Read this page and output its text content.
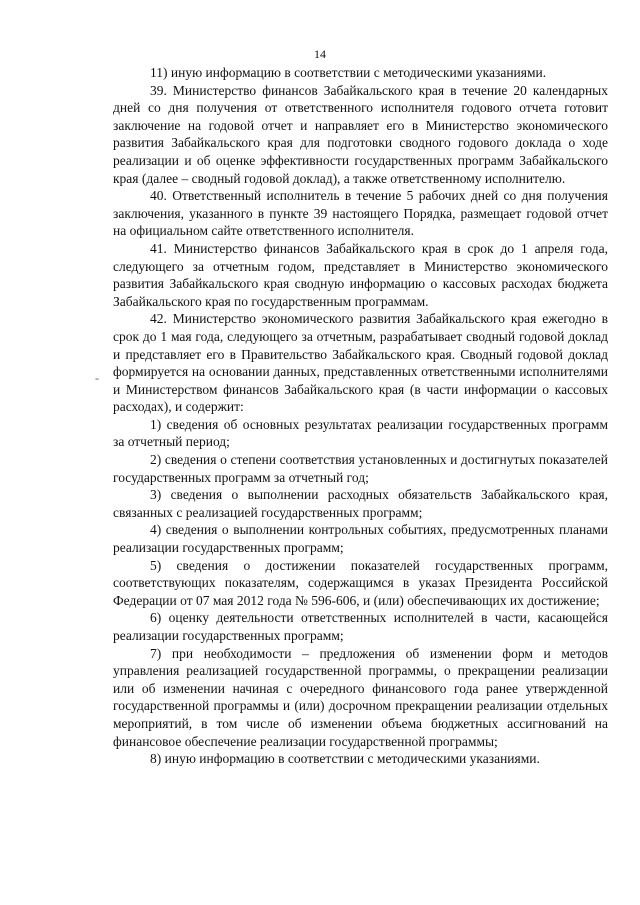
14
-

11) иную информацию в соответствии с методическими указаниями.

39. Министерство финансов Забайкальского края в течение 20 календарных дней со дня получения от ответственного исполнителя годового отчета готовит заключение на годовой отчет и направляет его в Министерство экономического развития Забайкальского края для подготовки сводного годового доклада о ходе реализации и об оценке эффективности государственных программ Забайкальского края (далее – сводный годовой доклад), а также ответственному исполнителю.

40. Ответственный исполнитель в течение 5 рабочих дней со дня получения заключения, указанного в пункте 39 настоящего Порядка, размещает годовой отчет на официальном сайте ответственного исполнителя.

41. Министерство финансов Забайкальского края в срок до 1 апреля года, следующего за отчетным годом, представляет в Министерство экономического развития Забайкальского края сводную информацию о кассовых расходах бюджета Забайкальского края по государственным программам.

42. Министерство экономического развития Забайкальского края ежегодно в срок до 1 мая года, следующего за отчетным, разрабатывает сводный годовой доклад и представляет его в Правительство Забайкальского края. Сводный годовой доклад формируется на основании данных, представленных ответственными исполнителями и Министерством финансов Забайкальского края (в части информации о кассовых расходах), и содержит:

1) сведения об основных результатах реализации государственных программ за отчетный период;

2) сведения о степени соответствия установленных и достигнутых показателей государственных программ за отчетный год;

3) сведения о выполнении расходных обязательств Забайкальского края, связанных с реализацией государственных программ;

4) сведения о выполнении контрольных событиях, предусмотренных планами реализации государственных программ;

5) сведения о достижении показателей государственных программ, соответствующих показателям, содержащимся в указах Президента Российской Федерации от 07 мая 2012 года № 596-606, и (или) обеспечивающих их достижение;

6) оценку деятельности ответственных исполнителей в части, касающейся реализации государственных программ;

7) при необходимости – предложения об изменении форм и методов управления реализацией государственной программы, о прекращении реализации или об изменении начиная с очередного финансового года ранее утвержденной государственной программы и (или) досрочном прекращении реализации отдельных мероприятий, в том числе об изменении объема бюджетных ассигнований на финансовое обеспечение реализации государственной программы;

8) иную информацию в соответствии с методическими указаниями.
